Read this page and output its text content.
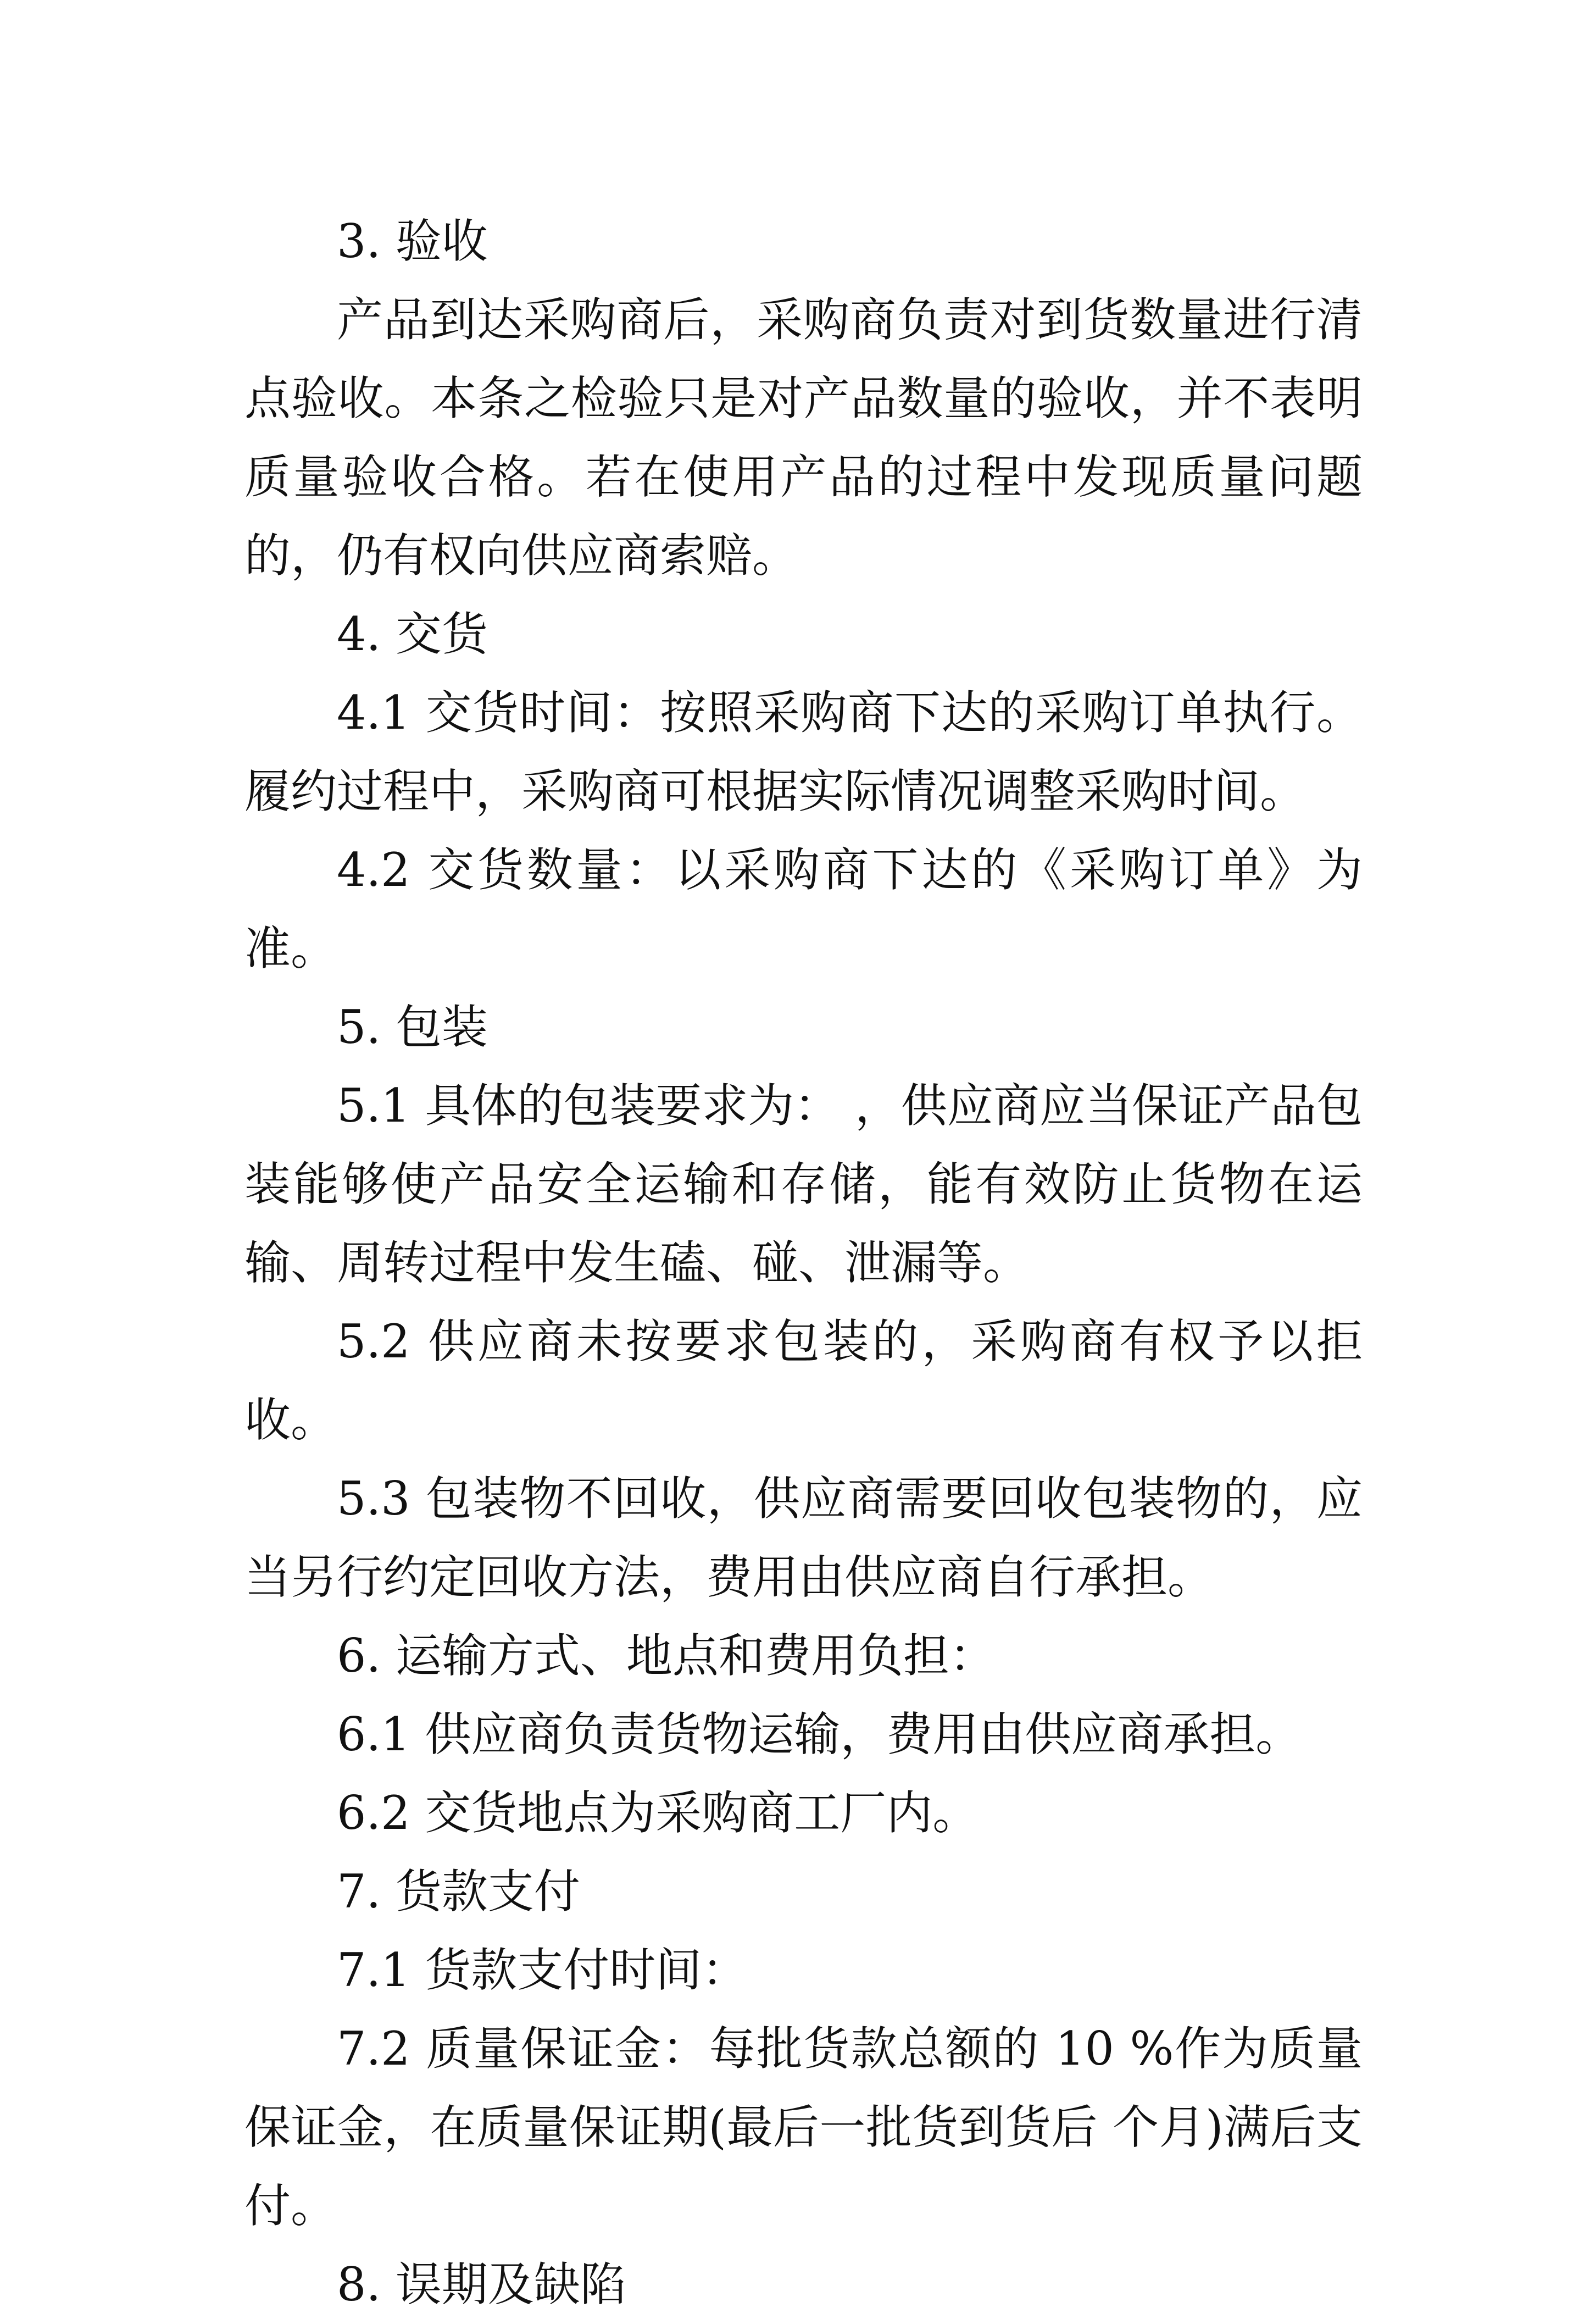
3. 验收

产品到达采购商后，采购商负责对到货数量进行清点验收。本条之检验只是对产品数量的验收，并不表明质量验收合格。若在使用产品的过程中发现质量问题的，仍有权向供应商索赔。

4. 交货

4.1 交货时间：按照采购商下达的采购订单执行。履约过程中，采购商可根据实际情况调整采购时间。

4.2 交货数量：以采购商下达的《采购订单》为准。

5. 包装

5.1 具体的包装要求为： ，供应商应当保证产品包装能够使产品安全运输和存储，能有效防止货物在运输、周转过程中发生磕、碰、泄漏等。

5.2 供应商未按要求包装的，采购商有权予以拒收。

5.3 包装物不回收，供应商需要回收包装物的，应当另行约定回收方法，费用由供应商自行承担。

6. 运输方式、地点和费用负担：

6.1 供应商负责货物运输，费用由供应商承担。

6.2 交货地点为采购商工厂内。

7. 货款支付

7.1 货款支付时间：

7.2 质量保证金：每批货款总额的 10 %作为质量保证金，在质量保证期(最后一批货到货后 个月)满后支付。

8. 误期及缺陷
